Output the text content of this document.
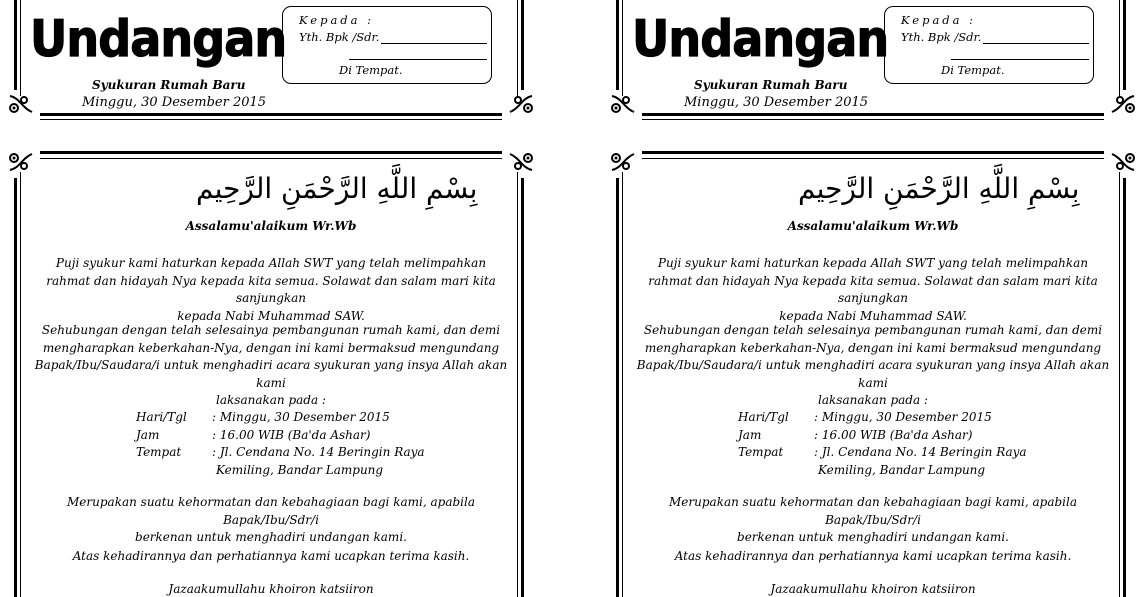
Undangan
Syukuran Rumah Baru
Minggu, 30 Desember 2015
Kepada :
Yth. Bpk /Sdr.
Di Tempat.
بِسْمِ اللَّهِ الرَّحْمَنِ الرَّحِيم
Assalamu'alaikum Wr.Wb
Puji syukur kami haturkan kepada Allah SWT yang telah melimpahkan
rahmat dan hidayah Nya kepada kita semua. Solawat dan salam mari kita sanjungkan
kepada Nabi Muhammad SAW.
Sehubungan dengan telah selesainya pembangunan rumah kami, dan demi
mengharapkan keberkahan-Nya, dengan ini kami bermaksud mengundang
Bapak/Ibu/Saudara/i untuk menghadiri acara syukuran yang insya Allah akan kami
laksanakan pada :
Hari/Tgl	: Minggu, 30 Desember 2015
Jam	: 16.00 WIB (Ba'da Ashar)
Tempat	: Jl. Cendana No. 14 Beringin Raya
Kemiling, Bandar Lampung
Merupakan suatu kehormatan dan kebahagiaan bagi kami, apabila Bapak/Ibu/Sdr/i
berkenan untuk menghadiri undangan kami.
Atas kehadirannya dan perhatiannya kami ucapkan terima kasih.
Jazaakumullahu khoiron katsiiron
Undangan
Syukuran Rumah Baru
Minggu, 30 Desember 2015
Kepada :
Yth. Bpk /Sdr.
Di Tempat.
بِسْمِ اللَّهِ الرَّحْمَنِ الرَّحِيم
Assalamu'alaikum Wr.Wb
Puji syukur kami haturkan kepada Allah SWT yang telah melimpahkan
rahmat dan hidayah Nya kepada kita semua. Solawat dan salam mari kita sanjungkan
kepada Nabi Muhammad SAW.
Sehubungan dengan telah selesainya pembangunan rumah kami, dan demi
mengharapkan keberkahan-Nya, dengan ini kami bermaksud mengundang
Bapak/Ibu/Saudara/i untuk menghadiri acara syukuran yang insya Allah akan kami
laksanakan pada :
Hari/Tgl	: Minggu, 30 Desember 2015
Jam	: 16.00 WIB (Ba'da Ashar)
Tempat	: Jl. Cendana No. 14 Beringin Raya
Kemiling, Bandar Lampung
Merupakan suatu kehormatan dan kebahagiaan bagi kami, apabila Bapak/Ibu/Sdr/i
berkenan untuk menghadiri undangan kami.
Atas kehadirannya dan perhatiannya kami ucapkan terima kasih.
Jazaakumullahu khoiron katsiiron
